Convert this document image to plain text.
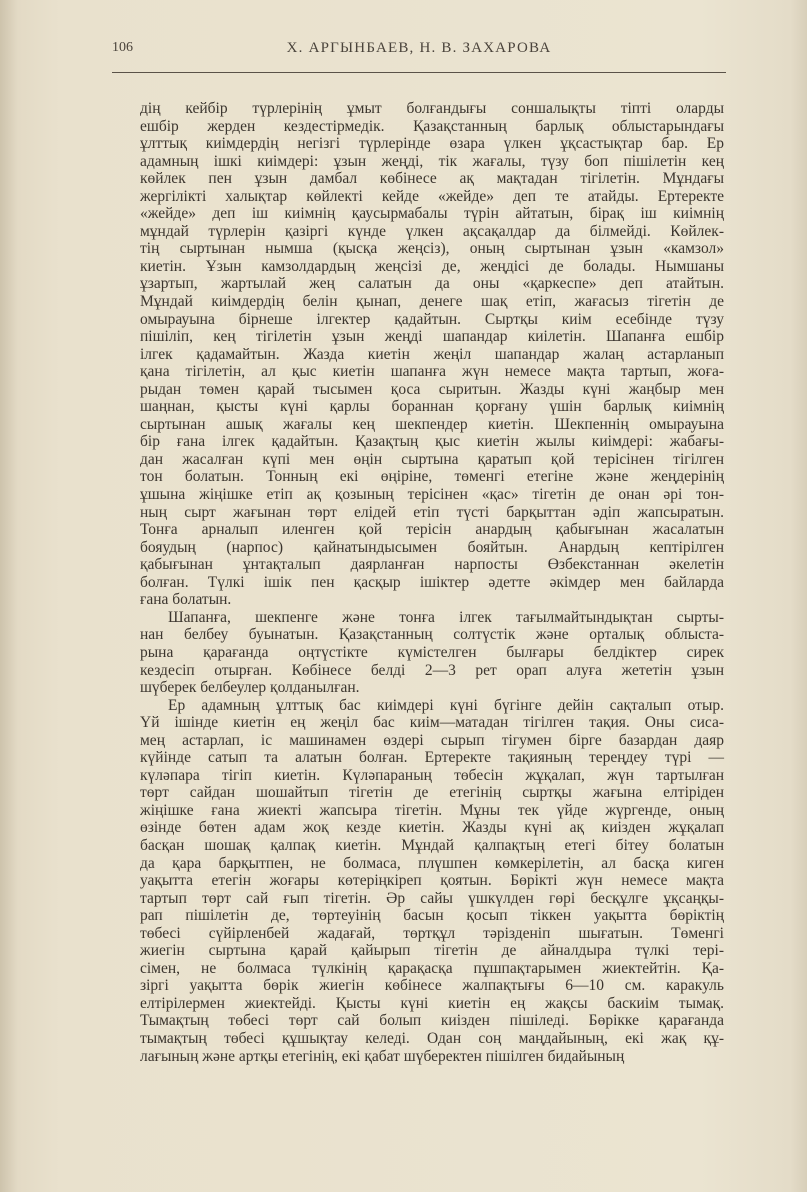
106	Х. АРГЫНБАЕВ, Н. В. ЗАХАРОВА
дің кейбір түрлерінің ұмыт болғандығы соншалықты тіпті оларды
ешбір жерден кездестірмедік. Қазақстанның барлық облыстарындағы
ұлттық киімдердің негізгі түрлерінде өзара үлкен ұқсастықтар бар. Ер
адамның ішкі киімдері: ұзын жеңді, тік жағалы, түзу боп пішілетін кең
көйлек пен ұзын дамбал көбінесе ақ мақтадан тігілетін. Мұндағы
жергілікті халықтар көйлекті кейде «жейде» деп те атайды. Ертеректе
«жейде» деп іш киімнің қаусырмабалы түрін айтатын, бірақ іш киімнің
мұндай түрлерін қазіргі күнде үлкен ақсақалдар да білмейді. Көйлек-
тің сыртынан нымша (қысқа жеңсіз), оның сыртынан ұзын «камзол»
киетін. Ұзын камзолдардың жеңсізі де, жеңдісі де болады. Нымшаны
ұзартып, жартылай жең салатын да оны «қаркеспе» деп атайтын.
Мұндай киімдердің белін қынап, денеге шақ етіп, жағасыз тігетін де
омырауына бірнеше ілгектер қадайтын. Сыртқы киім есебінде түзу
пішіліп, кең тігілетін ұзын жеңді шапандар киілетін. Шапанға ешбір
ілгек қадамайтын. Жазда киетін жеңіл шапандар жалаң астарланып
қана тігілетін, ал қыс киетін шапанға жүн немесе мақта тартып, жоға-
рыдан төмен қарай тысымен қоса сыритын. Жазды күні жаңбыр мен
шаңнан, қысты күні қарлы бораннан қорғану үшін барлық киімнің
сыртынан ашық жағалы кең шекпендер киетін. Шекпеннің омырауына
бір ғана ілгек қадайтын. Қазақтың қыс киетін жылы киімдері: жабағы-
дан жасалған күпі мен өңін сыртына қаратып қой терісінен тігілген
тон болатын. Тонның екі өңіріне, төменгі етегіне және жеңдерінің
ұшына жіңішке етіп ақ қозының терісінен «қас» тігетін де онан әрі тон-
ның сырт жағынан төрт елідей етіп түсті барқыттан әдіп жапсыратын.
Тонға арналып иленген қой терісін анардың қабығынан жасалатын
бояудың (нарпос) қайнатындысымен бояйтын. Анардың кептірілген
қабығынан ұнтақталып даярланған нарпосты Өзбекстаннан әкелетін
болған. Түлкі ішік пен қасқыр ішіктер әдетте әкімдер мен байларда
ғана болатын.
Шапанға, шекпенге және тонға ілгек тағылмайтындықтан сырты-
нан белбеу буынатын. Қазақстанның солтүстік және орталық облыста-
рына қарағанда оңтүстікте күмістелген былғары белдіктер сирек
кездесіп отырған. Көбінесе белді 2—3 рет орап алуға жететін ұзын
шүберек белбеулер қолданылған.
Ер адамның ұлттық бас киімдері күні бүгінге дейін сақталып отыр.
Үй ішінде киетін ең жеңіл бас киім—матадан тігілген тақия. Оны сиса-
мең астарлап, іс машинамен өздері сырып тігумен бірге базардан даяр
күйінде сатып та алатын болған. Ертеректе тақияның тереңдеу түрі —
күләпара тігіп киетін. Күләпараның төбесін жұқалап, жүн тартылған
төрт сайдан шошайтып тігетін де етегінің сыртқы жағына елтіріден
жіңішке ғана жиекті жапсыра тігетін. Мұны тек үйде жүргенде, оның
өзінде бөтен адам жоқ кезде киетін. Жазды күні ақ киізден жұқалап
басқан шошақ қалпақ киетін. Мұндай қалпақтың етегі бітеу болатын
да қара барқытпен, не болмаса, плүшпен көмкерілетін, ал басқа киген
уақытта етегін жоғары көтеріңкіреп қоятын. Бөрікті жүн немесе мақта
тартып төрт сай ғып тігетін. Әр сайы үшкүлден гөрі бесқұлге ұқсаңқы-
рап пішілетін де, төртеуінің басын қосып тіккен уақытта бөріктің
төбесі сүйірленбей жадағай, төртқұл тәрізденіп шығатын. Төменгі
жиегін сыртына қарай қайырып тігетін де айналдыра түлкі тері-
сімен, не болмаса түлкінің қарақасқа пұшпақтарымен жиектейтін. Қа-
зіргі уақытта бөрік жиегін көбінесе жалпақтығы 6—10 см. каракуль
елтірілермен жиектейді. Қысты күні киетін ең жақсы баскиім тымақ.
Тымақтың төбесі төрт сай болып киізден пішіледі. Бөрікке қарағанда
тымақтың төбесі құшықтау келеді. Одан соң маңдайының, екі жақ құ-
лағының және артқы етегінің, екі қабат шүберектен пішілген бидайының
